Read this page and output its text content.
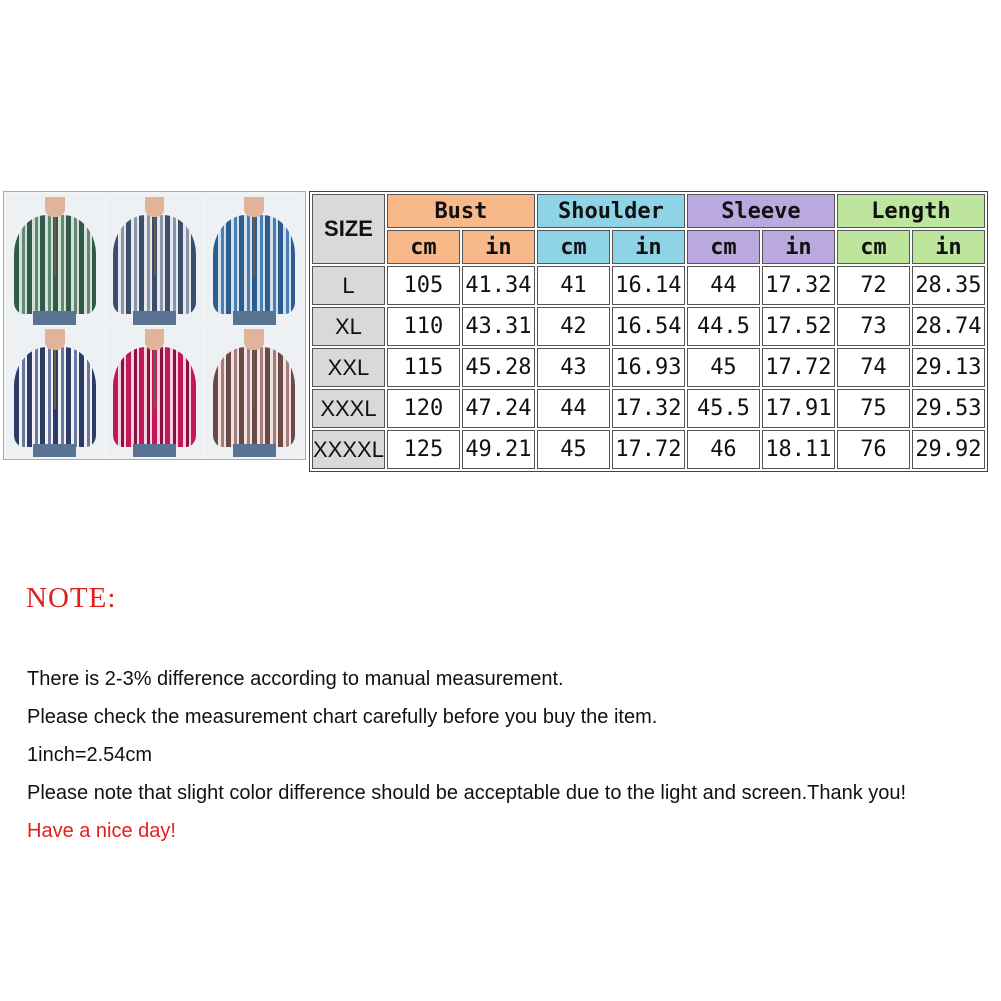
SIZE	Bust		Shoulder		Sleeve		Length	
	cm	in	cm	in	cm	in	cm	in
L	105	41.34	41	16.14	44	17.32	72	28.35
XL	110	43.31	42	16.54	44.5	17.52	73	28.74
XXL	115	45.28	43	16.93	45	17.72	74	29.13
XXXL	120	47.24	44	17.32	45.5	17.91	75	29.53
XXXXL	125	49.21	45	17.72	46	18.11	76	29.92
NOTE:

There is 2-3% difference according to manual measurement.

Please check the measurement chart carefully before you buy the item.

1inch=2.54cm

Please note that slight color difference should be acceptable due to the light and screen.Thank you!

Have a nice day!
